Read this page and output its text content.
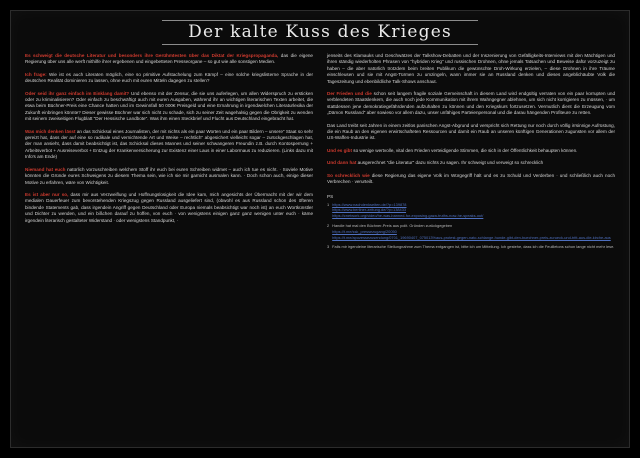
Der kalte Kuss des Krieges

Es schweigt die deutsche Literatur und besonders ihre Gerühmtesten über das Diktat der Kriegspropaganda, das die eigene Regierung über uns alle werft mithilfe ihrer ergebenen und eingebetteten Presseorgane – so gut wie alle sonstigen Medien.

Ich frage: Wie ist es auch Literaten möglich, eine so primitive Aufstachelung zum Kämpf – eine solche kriegslisterne Sprache in der deutschen Realität dominieren zu lassen, ohne euch mit euren Mitteln dagegen zu stellen?

Oder seid ihr ganz einfach im Einklang damit? Und ebenso mit der Zensur, die sie uns auferlegen, um allen Widerspruch zu ersticken oder zu kriminalisieren? Oder einfach zu beschwäftigt auch mit euren Ausgaben, während ihr an wichtigen literarischen Texten arbeitet, die etwa beim Büchner-Preis eine Chance hatten und im Gewinnfall 50 000€ Preisgeld und eine Ernahrung in irgendwelchen Literaturlexika der Zukunft einbringen könnte? Dieser gewisse Büchner war sich nicht zu schade, sich zu seiner Zeit wagehalsig gegen die Obrigkeit zu wenden mit seinem zweiseitigen Flugblatt "Der Hessische Landbote". Was ihm einen Steckbrief und Flucht aus Deutschland eingebracht hat.

Was mich denken lässt an das Schicksal eines Journalisten, der mit nichts als ein paar Worten und ein paar Bildern – unsere" Staat so sehr gereizt hat, dass der auf eine so radikale und vernichtende Art und Weise – rechtlich" abgesichert vielleicht sogar – zurückgeschlagen hat, der man ansieht, dass damit beabsichtigt ist, das Schicksal dieses Mannes und seiner schwangeren Freundin z.B. durch Kontosperrung + Arbeitsverbot + Ausreiseverbot + Entzug der Krankenversicherung zur Existenz einer Laus in einer Labormaus zu reduzieren. (Links dazu mit Info's am Ende)

Niemand hat euch natürlich vorzuschreiben welchem Stoff ihr euch bei euren Schreiben widmet – auch ich tue es nicht. · Soviele Motive könnten die Gründe eures Schweigens zu diesem Thema sein, wie ich sie mir garnicht ausmalen kann. · Doch schon auch, einige dieser Motive zu erfahren, wäre von Wichtigkeit.

Es ist aber nur so, dass mir aus Verzweiflung und Hoffnungslosigkeit die Idee kam, mich angesichts der Übermacht mit der wir dem medialen Dauerfeuer zum bevorstehenden Kriegszug gegen Russland ausgeliefert sind, (obwohl es aus Russland schon des öfteren bindende Statements gab, dass irgendein Angriff gegen Deutschland oder Europa niemals beabsichtigt war noch ist) an euch Wortkünstler und Dichter zu wenden, und ein bißchen darauf zu hoffen, von euch · von wenigstens einigen ganz ganz wenigen unter euch · käme irgendein literarisch gestalteter Widerstand · oder wenigstens Standpunkt, ·

jenseits des Klamauks und Geschwätzes der Talkshow-Debatten und der Inszenierung von Gefälligkeits-Interviews mit den Mächtigen und ihren ständig wiederholten Phrasen von "hybriden Krieg" und russischen Drohnen, ohne jemals Tatsachen und Beweise dafür vorzuzeigt zu haben – die aber natürlich trotzdem beim breiten Publikum die gewünschte Droh-Wirkung erzielen, – diese Drohnen in ihre Träume einschleusen und sie mit Angst-Türmen zu umzingeln, wann immer sie an Russland denken und dieses angeblichäubte Volk die Tageszeitung und ebenbildliche Talk-Shows anschaut.

Der Frieden und die schon seit langem fragile soziale Gemeinschaft in diesem Land wird endgültig verraten von ein paar korrupten und verblendeten Staatslenkern, die auch noch jede Kommunikation mit ihrem Wahngegner ablehnen, um sich nicht korrigieren zu müssen, · um stattdessen jene demokratiegefährdenden aufzuhalten zu können und den Kriegskurs fortzusetzen. Vermutlich dient die Erzeugung vom „Dämon Russland" aber sowieso vor allem dazu, unser unfähiges Parteienpersonal und die darau hängenden Profiteure zu retten.

Das Land treibt seit Jahren in einem zeitlos panischen Angst-Abgrund und verspricht sich Rettung nur noch durch völlig irrsinnige Aufrüstung, die ein Raub an den eigenen erwirtschafteten Ressourcen und damit ein Raub an unseren künftigen Generationen zugunsten vor allem der US-Waffen-Industrie ist.

Und es gibt so wenige wertvolle, vital den Frieden verteidigende Stimmen, die sich in der Öffentlichkeit behaupten können.

Und dann hat ausgerechnet "die Literatur" dazu nichts zu sagen. Ihr schweigt und verweigt so schrecklich

So schrecklich wie diese Regierung das eigene Volk im Würgegriff hält und es zu Schuld und Verderben · und schließlich auch noch Verbrechen · verurteilt.

PS
1 https://www.nachdenkseiten.de/?p=139878
https://www.berliner-zeitung.de/?p=138433
https://cnetwork.org/video/he-was-banned-for-exposing-gaza-truths-now-he-speaks-out/
2 Handle hat mal den Büchner-Preis aus polit. Gründen zurückgegeben
https://t.me/ssk_pressezugang/20050
https://t.me/apozessezusendung/0701_19690407_075013%aus-protest-gegen-nato-schlange-hunde-gibt-den-buechner-preis-zurueck-und-tritt-aus-die-kirche-aus
3 Falls mir irgendeine literarische Stellungnahme zum Thema entgangen ist, bitte ich um Mitteilung. Ich gestehe, dass ich die Feuilletons schon lange nicht mehr lese.
